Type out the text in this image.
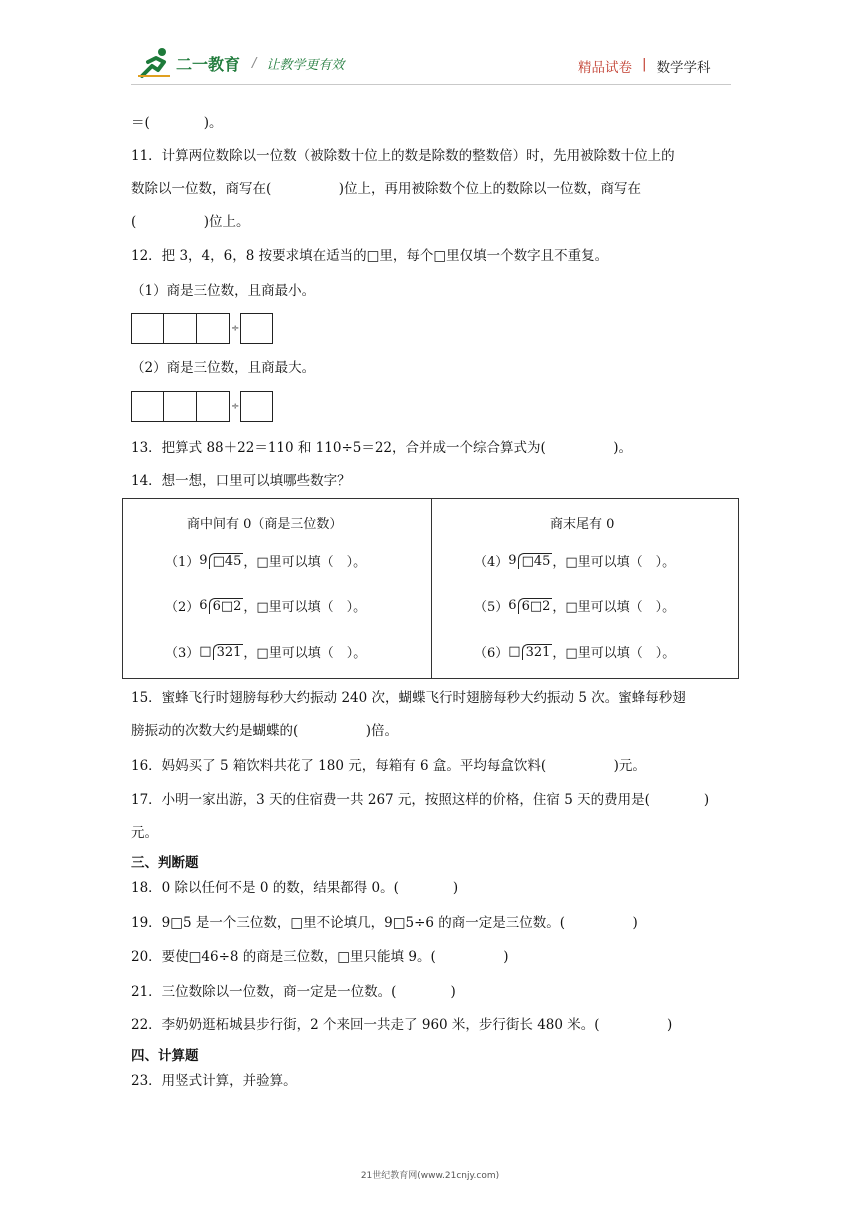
二一教育 / 让教学更有效	精品试卷 | 数学学科
＝(　　　　)。
11．计算两位数除以一位数（被除数十位上的数是除数的整数倍）时，先用被除数十位上的
数除以一位数，商写在(　　　　　)位上，再用被除数个位上的数除以一位数，商写在
(　　　　　)位上。
12．把 3，4，6，8 按要求填在适当的□里，每个□里仅填一个数字且不重复。
（1）商是三位数，且商最小。
÷
（2）商是三位数，且商最大。
÷
13．把算式 88＋22＝110 和 110÷5＝22，合并成一个综合算式为(　　　　　)。
14．想一想，口里可以填哪些数字？
商中间有 0（商是三位数）	商末尾有 0
（1） 9 □45 ，□里可以填（　）。
（2） 6 6□2 ，□里可以填（　）。
（3） □ 321 ，□里可以填（　）。
（4） 9 □45 ，□里可以填（　）。
（5） 6 6□2 ，□里可以填（　）。
（6） □ 321 ，□里可以填（　）。
15．蜜蜂飞行时翅膀每秒大约振动 240 次，蝴蝶飞行时翅膀每秒大约振动 5 次。蜜蜂每秒翅
膀振动的次数大约是蝴蝶的(　　　　　)倍。
16．妈妈买了 5 箱饮料共花了 180 元，每箱有 6 盒。平均每盒饮料(　　　　　)元。
17．小明一家出游，3 天的住宿费一共 267 元，按照这样的价格，住宿 5 天的费用是(　　　　)
元。
三、判断题
18．0 除以任何不是 0 的数，结果都得 0。(　　　　)
19．9□5 是一个三位数，□里不论填几，9□5÷6 的商一定是三位数。(　　　　　)
20．要使□46÷8 的商是三位数，□里只能填 9。(　　　　　)
21．三位数除以一位数，商一定是一位数。(　　　　)
22．李奶奶逛柘城县步行街，2 个来回一共走了 960 米，步行街长 480 米。(　　　　　)
四、计算题
23．用竖式计算，并验算。
21世纪教育网(www.21cnjy.com)
